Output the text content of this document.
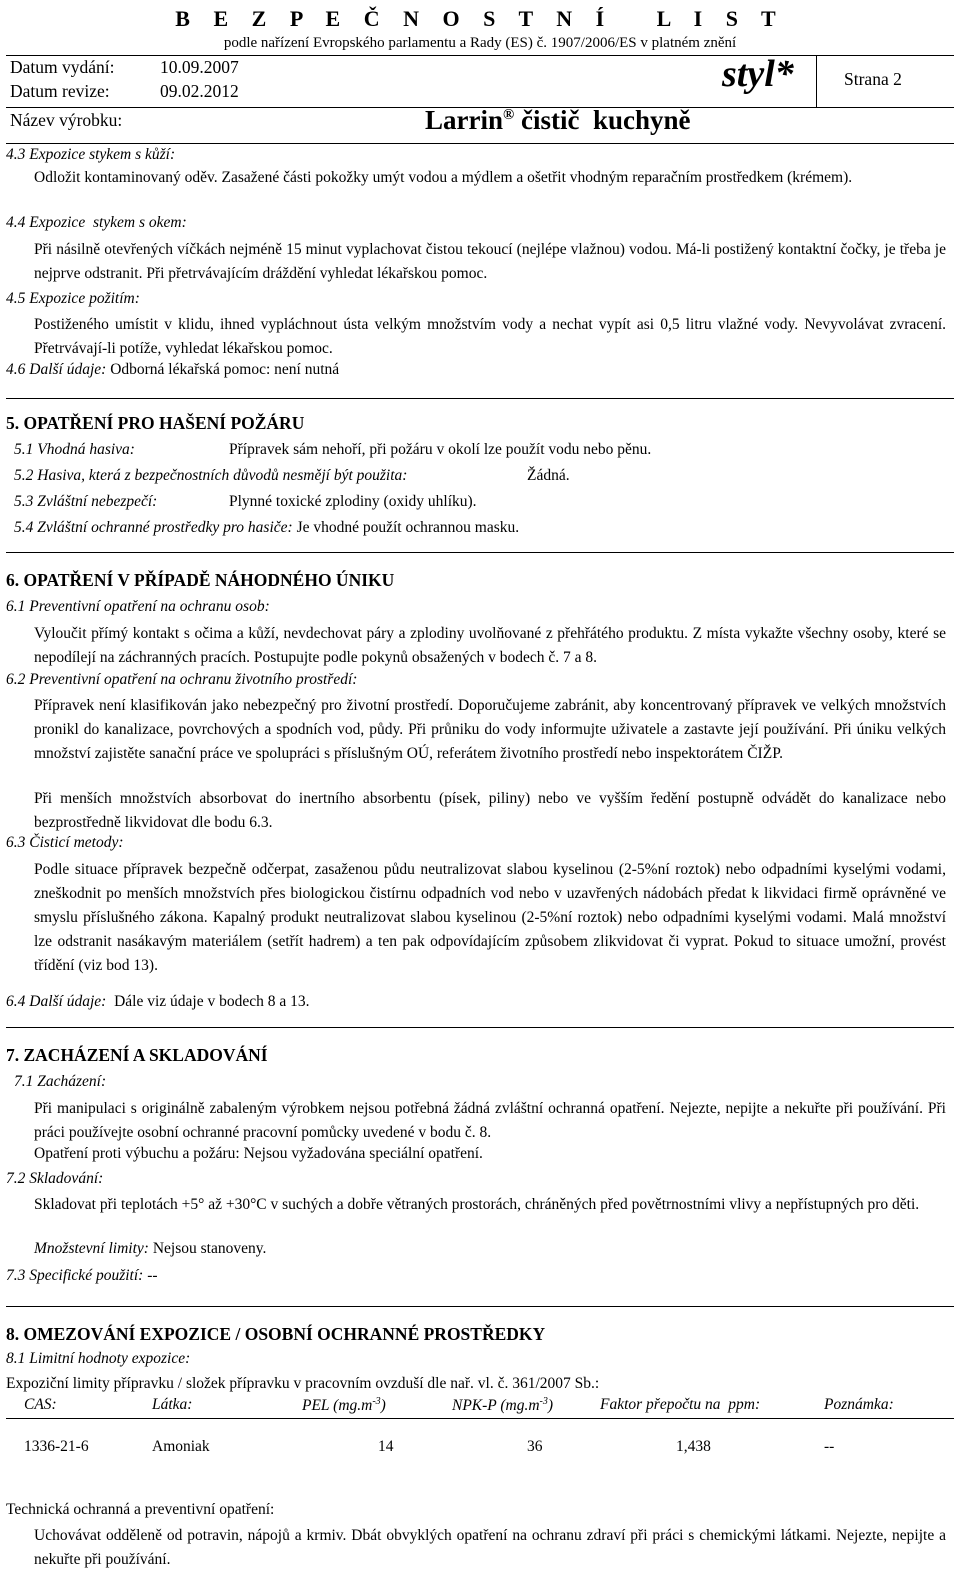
B E Z P E Č N O S T N Í   L I S T
podle nařízení Evropského parlamentu a Rady (ES) č. 1907/2006/ES v platném znění
Datum vydání:	10.09.2007
Datum revize:	09.02.2012	styl*	Strana 2
Název výrobku:	Larrin® čistič  kuchyně
4.3 Expozice stykem s kůží:
Odložit kontaminovaný oděv. Zasažené části pokožky umýt vodou a mýdlem a ošetřit vhodným reparačním prostředkem (krémem).
4.4 Expozice  stykem s okem:
Při násilně otevřených víčkách nejméně 15 minut vyplachovat čistou tekoucí (nejlépe vlažnou) vodou. Má-li postižený kontaktní čočky, je třeba je nejprve odstranit. Při přetrvávajícím dráždění vyhledat lékařskou pomoc.
4.5 Expozice požitím:
Postiženého umístit v klidu, ihned vypláchnout ústa velkým množstvím vody a nechat vypít asi 0,5 litru vlažné vody. Nevyvolávat zvracení. Přetrvávají-li potíže, vyhledat lékařskou pomoc.
4.6 Další údaje: Odborná lékařská pomoc: není nutná
5. OPATŘENÍ PRO HAŠENÍ POŽÁRU
5.1 Vhodná hasiva:	Přípravek sám nehoří, při požáru v okolí lze použít vodu nebo pěnu.
5.2 Hasiva, která z bezpečnostních důvodů nesmějí být použita:	Žádná.
5.3 Zvláštní nebezpečí:	Plynné toxické zplodiny (oxidy uhlíku).
5.4 Zvláštní ochranné prostředky pro hasiče: Je vhodné použít ochrannou masku.
6. OPATŘENÍ V PŘÍPADĚ NÁHODNÉHO ÚNIKU
6.1 Preventivní opatření na ochranu osob:
Vyloučit přímý kontakt s očima a kůží, nevdechovat páry a zplodiny uvolňované z přehřátého produktu. Z místa vykažte všechny osoby, které se nepodílejí na záchranných pracích. Postupujte podle pokynů obsažených v bodech č. 7 a 8.
6.2 Preventivní opatření na ochranu životního prostředí:
Přípravek není klasifikován jako nebezpečný pro životní prostředí. Doporučujeme zabránit, aby koncentrovaný přípravek ve velkých množstvích pronikl do kanalizace, povrchových a spodních vod, půdy. Při průniku do vody informujte uživatele a zastavte její používání. Při úniku velkých množství zajistěte sanační práce ve spolupráci s příslušným OÚ, referátem životního prostředí nebo inspektorátem ČIŽP.
Při menších množstvích absorbovat do inertního absorbentu (písek, piliny) nebo ve vyšším ředění postupně odvádět do kanalizace nebo bezprostředně likvidovat dle bodu 6.3.
6.3 Čisticí metody:
Podle situace přípravek bezpečně odčerpat, zasaženou půdu neutralizovat slabou kyselinou (2-5%ní roztok) nebo odpadními kyselými vodami, zneškodnit po menších množstvích přes biologickou čistírnu odpadních vod nebo v uzavřených nádobách předat k likvidaci firmě oprávněné ve smyslu příslušného zákona. Kapalný produkt neutralizovat slabou kyselinou (2-5%ní roztok) nebo odpadními kyselými vodami. Malá množství lze odstranit nasákavým materiálem (setřít hadrem) a ten pak odpovídajícím způsobem zlikvidovat či vyprat. Pokud to situace umožní, provést třídění (viz bod 13).
6.4 Další údaje:  Dále viz údaje v bodech 8 a 13.
7. ZACHÁZENÍ A SKLADOVÁNÍ
7.1 Zacházení:
Při manipulaci s originálně zabaleným výrobkem nejsou potřebná žádná zvláštní ochranná opatření. Nejezte, nepijte a nekuřte při používání. Při práci používejte osobní ochranné pracovní pomůcky uvedené v bodu č. 8.
Opatření proti výbuchu a požáru: Nejsou vyžadována speciální opatření.
7.2 Skladování:
Skladovat při teplotách +5° až +30°C v suchých a dobře větraných prostorách, chráněných před povětrnostními vlivy a nepřístupných pro děti.
Množstevní limity: Nejsou stanoveny.
7.3 Specifické použití: --
8. OMEZOVÁNÍ EXPOZICE / OSOBNÍ OCHRANNÉ PROSTŘEDKY
8.1 Limitní hodnoty expozice:
Expoziční limity přípravku / složek přípravku v pracovním ovzduší dle nař. vl. č. 361/2007 Sb.:
CAS:	Látka:	PEL $(mg.m^{-3})$	NPK-P $(mg.m^{-3})$	Faktor přepočtu na  ppm:	Poznámka:
1336-21-6	Amoniak	14	36	1,438	--
Technická ochranná a preventivní opatření:
Uchovávat odděleně od potravin, nápojů a krmiv. Dbát obvyklých opatření na ochranu zdraví při práci s chemickými látkami. Nejezte, nepijte a nekuřte při používání.
